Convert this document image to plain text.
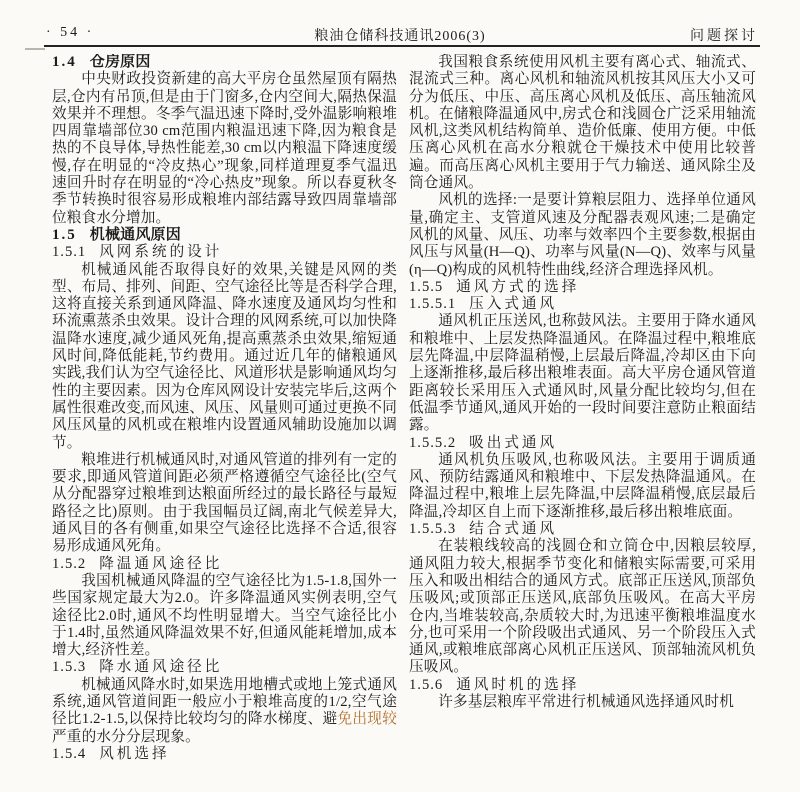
· 54 ·	粮油仓储科技通讯2006(3)	问题探讨
1.4 仓房原因

中央财政投资新建的高大平房仓虽然屋顶有隔热层,仓内有吊顶,但是由于门窗多,仓内空间大,隔热保温效果并不理想。冬季气温迅速下降时,受外温影响粮堆四周靠墙部位30 cm范围内粮温迅速下降,因为粮食是热的不良导体,导热性能差,30 cm以内粮温下降速度缓慢,存在明显的“冷皮热心”现象,同样道理夏季气温迅速回升时存在明显的“冷心热皮”现象。所以春夏秋冬季节转换时很容易形成粮堆内部结露导致四周靠墙部位粮食水分增加。

1.5 机械通风原因
1.5.1 风网系统的设计

机械通风能否取得良好的效果,关键是风网的类型、布局、排列、间距、空气途径比等是否科学合理,这将直接关系到通风降温、降水速度及通风均匀性和环流熏蒸杀虫效果。设计合理的风网系统,可以加快降温降水速度,减少通风死角,提高熏蒸杀虫效果,缩短通风时间,降低能耗,节约费用。通过近几年的储粮通风实践,我们认为空气途径比、风道形状是影响通风均匀性的主要因素。因为仓库风网设计安装完毕后,这两个属性很难改变,而风速、风压、风量则可通过更换不同风压风量的风机或在粮堆内设置通风辅助设施加以调节。

粮堆进行机械通风时,对通风管道的排列有一定的要求,即通风管道间距必须严格遵循空气途径比(空气从分配器穿过粮堆到达粮面所经过的最长路径与最短路径之比)原则。由于我国幅员辽阔,南北气候差异大,通风目的各有侧重,如果空气途径比选择不合适,很容易形成通风死角。

1.5.2 降温通风途径比

我国机械通风降温的空气途径比为1.5-1.8,国外一些国家规定最大为2.0。许多降温通风实例表明,空气途径比2.0时,通风不均性明显增大。当空气途径比小于1.4时,虽然通风降温效果不好,但通风能耗增加,成本增大,经济性差。

1.5.3 降水通风途径比

机械通风降水时,如果选用地槽式或地上笼式通风系统,通风管道间距一般应小于粮堆高度的1/2,空气途径比1.2-1.5,以保持比较均匀的降水梯度、避免出现较严重的水分分层现象。

1.5.4 风机选择

我国粮食系统使用风机主要有离心式、轴流式、混流式三种。离心风机和轴流风机按其风压大小又可分为低压、中压、高压离心风机及低压、高压轴流风机。在储粮降温通风中,房式仓和浅圆仓广泛采用轴流风机,这类风机结构简单、造价低廉、使用方便。中低压离心风机在高水分粮就仓干燥技术中使用比较普遍。而高压离心风机主要用于气力输送、通风除尘及筒仓通风。

风机的选择:一是要计算粮层阻力、选择单位通风量,确定主、支管道风速及分配器表观风速;二是确定风机的风量、风压、功率与效率四个主要参数,根据由风压与风量(H—Q)、功率与风量(N—Q)、效率与风量(η—Q)构成的风机特性曲线,经济合理选择风机。

1.5.5 通风方式的选择
1.5.5.1 压入式通风

通风机正压送风,也称鼓风法。主要用于降水通风和粮堆中、上层发热降温通风。在降温过程中,粮堆底层先降温,中层降温稍慢,上层最后降温,冷却区由下向上逐渐推移,最后移出粮堆表面。高大平房仓通风管道距离较长采用压入式通风时,风量分配比较均匀,但在低温季节通风,通风开始的一段时间要注意防止粮面结露。

1.5.5.2 吸出式通风

通风机负压吸风,也称吸风法。主要用于调质通风、预防结露通风和粮堆中、下层发热降温通风。在降温过程中,粮堆上层先降温,中层降温稍慢,底层最后降温,冷却区自上而下逐渐推移,最后移出粮堆底面。

1.5.5.3 结合式通风

在装粮线较高的浅圆仓和立筒仓中,因粮层较厚,通风阻力较大,根据季节变化和储粮实际需要,可采用压入和吸出相结合的通风方式。底部正压送风,顶部负压吸风;或顶部正压送风,底部负压吸风。在高大平房仓内,当堆装较高,杂质较大时,为迅速平衡粮堆温度水分,也可采用一个阶段吸出式通风、另一个阶段压入式通风,或粮堆底部离心风机正压送风、顶部轴流风机负压吸风。

1.5.6 通风时机的选择

许多基层粮库平常进行机械通风选择通风时机
